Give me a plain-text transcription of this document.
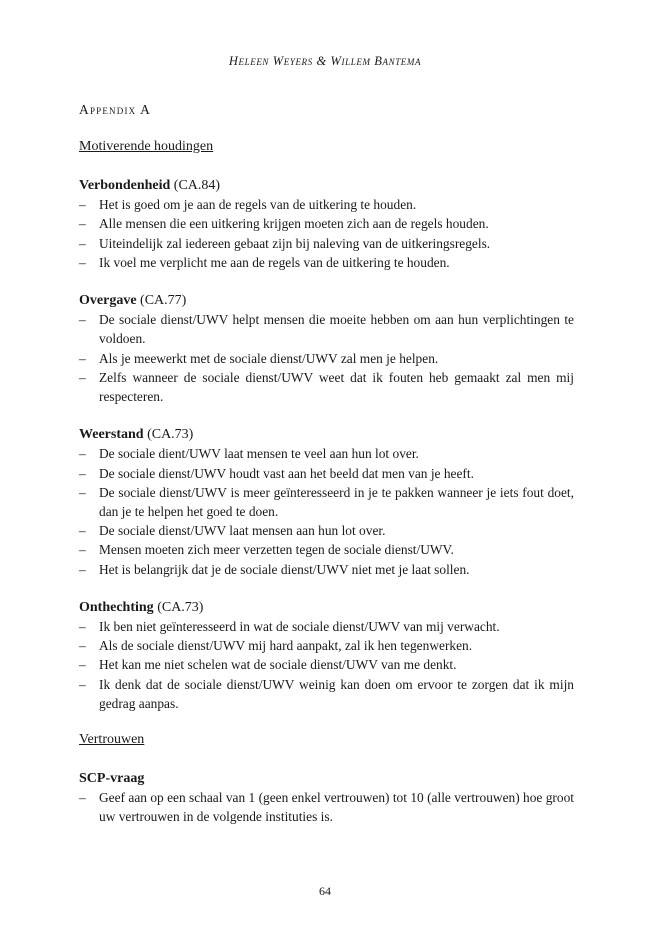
Heleen Weyers & Willem Bantema
Appendix A
Motiverende houdingen
Verbondenheid (CA.84)
– Het is goed om je aan de regels van de uitkering te houden.
– Alle mensen die een uitkering krijgen moeten zich aan de regels houden.
– Uiteindelijk zal iedereen gebaat zijn bij naleving van de uitkeringsregels.
– Ik voel me verplicht me aan de regels van de uitkering te houden.
Overgave (CA.77)
– De sociale dienst/UWV helpt mensen die moeite hebben om aan hun verplichtingen te voldoen.
– Als je meewerkt met de sociale dienst/UWV zal men je helpen.
– Zelfs wanneer de sociale dienst/UWV weet dat ik fouten heb gemaakt zal men mij respecteren.
Weerstand (CA.73)
– De sociale dient/UWV laat mensen te veel aan hun lot over.
– De sociale dienst/UWV houdt vast aan het beeld dat men van je heeft.
– De sociale dienst/UWV is meer geïnteresseerd in je te pakken wanneer je iets fout doet, dan je te helpen het goed te doen.
– De sociale dienst/UWV laat mensen aan hun lot over.
– Mensen moeten zich meer verzetten tegen de sociale dienst/UWV.
– Het is belangrijk dat je de sociale dienst/UWV niet met je laat sollen.
Onthechting (CA.73)
– Ik ben niet geïnteresseerd in wat de sociale dienst/UWV van mij verwacht.
– Als de sociale dienst/UWV mij hard aanpakt, zal ik hen tegenwerken.
– Het kan me niet schelen wat de sociale dienst/UWV van me denkt.
– Ik denk dat de sociale dienst/UWV weinig kan doen om ervoor te zorgen dat ik mijn gedrag aanpas.
Vertrouwen
SCP-vraag
– Geef aan op een schaal van 1 (geen enkel vertrouwen) tot 10 (alle vertrouwen) hoe groot uw vertrouwen in de volgende instituties is.
64
